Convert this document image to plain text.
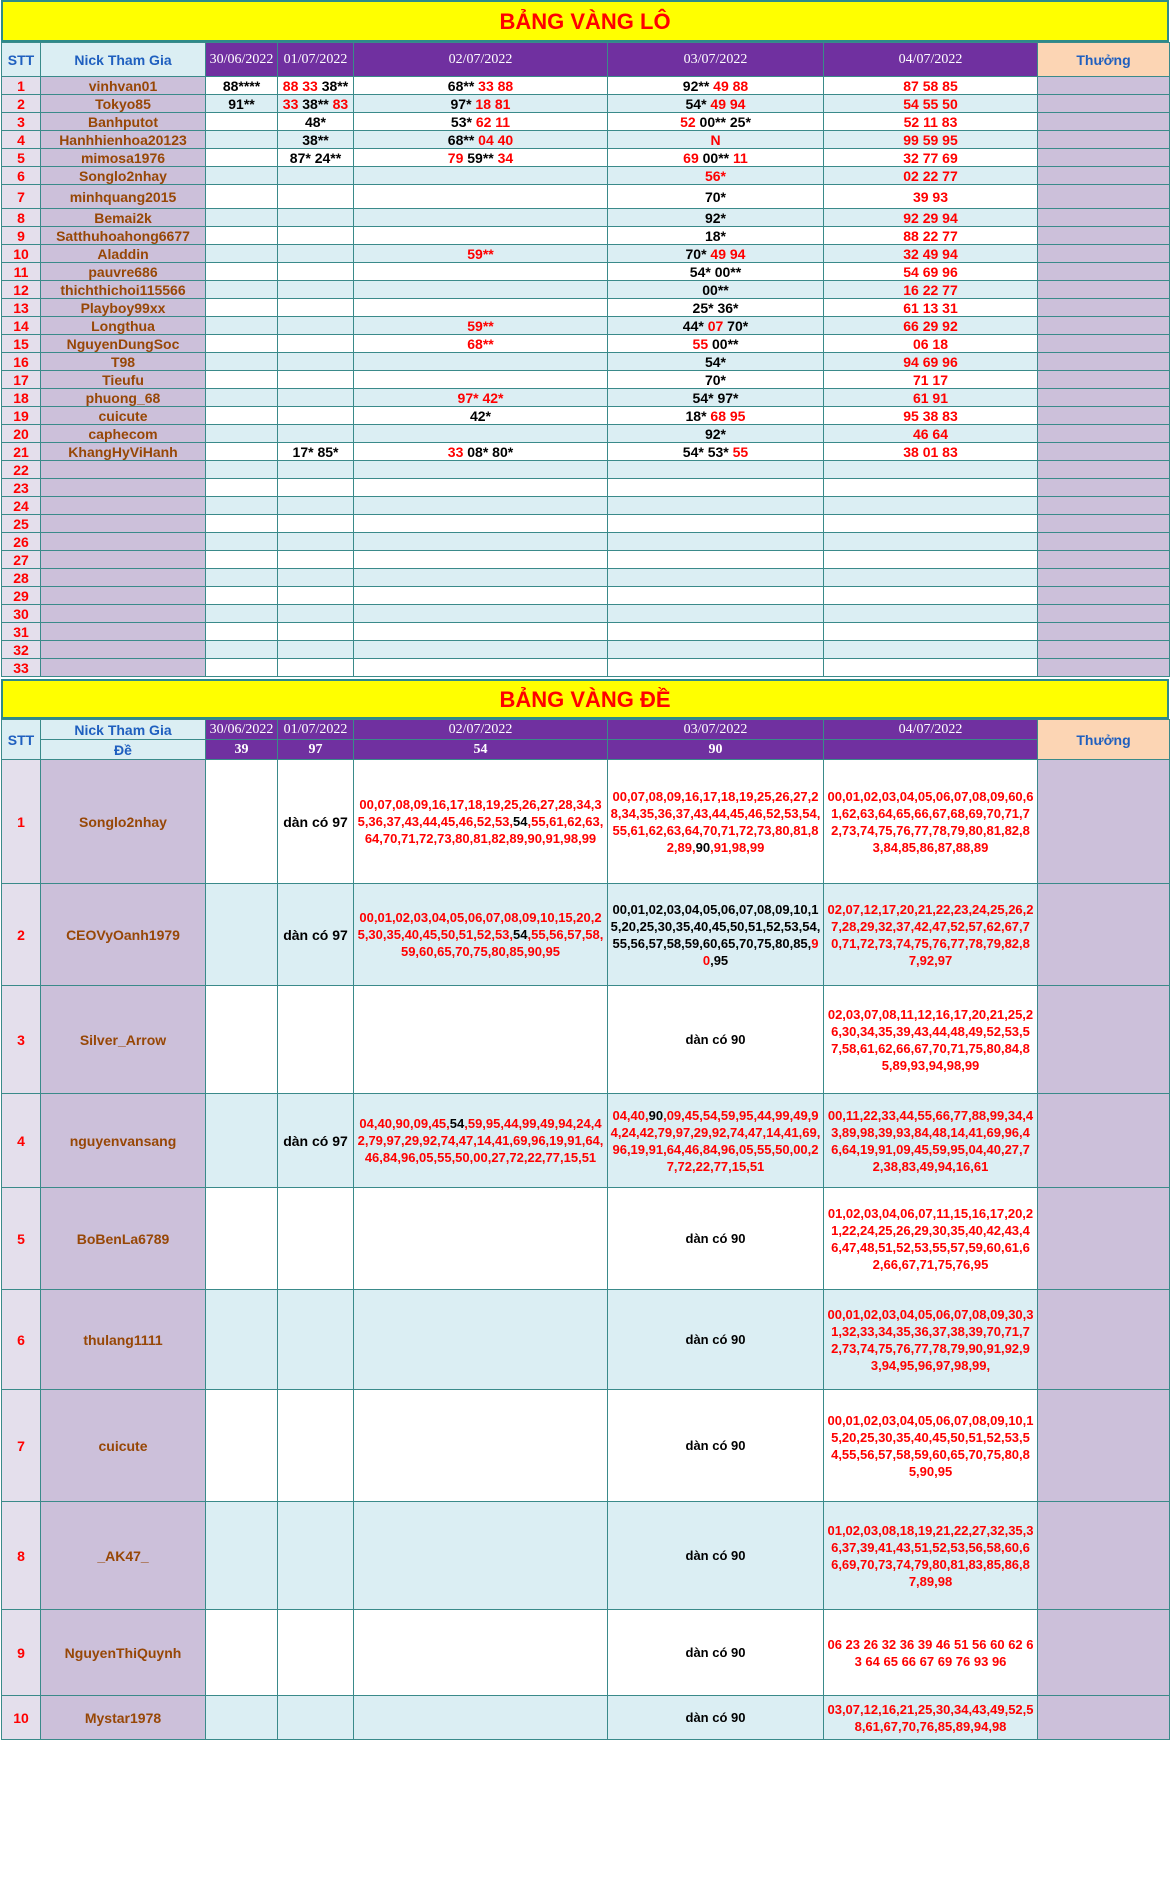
BẢNG VÀNG LÔ
STT	Nick Tham Gia	30/06/2022	01/07/2022	02/07/2022	03/07/2022	04/07/2022	Thưởng
1	vinhvan01	88****	88 33 38**	68** 33 88	92** 49 88	87 58 85	
2	Tokyo85	91**	33 38** 83	97* 18 81	54* 49 94	54 55 50	
3	Banhputot		48*	53* 62 11	52 00** 25*	52 11 83	
4	Hanhhienhoa20123		38**	68** 04 40	N	99 59 95	
5	mimosa1976		87* 24**	79 59** 34	69 00** 11	32 77 69	
6	Songlo2nhay				56*	02 22 77	
7	minhquang2015				70*	39 93	
8	Bemai2k				92*	92 29 94	
9	Satthuhoahong6677				18*	88 22 77	
10	Aladdin			59**	70* 49 94	32 49 94	
11	pauvre686				54* 00**	54 69 96	
12	thichthichoi115566				00**	16 22 77	
13	Playboy99xx				25* 36*	61 13 31	
14	Longthua			59**	44* 07 70*	66 29 92	
15	NguyenDungSoc			68**	55 00**	06 18	
16	T98				54*	94 69 96	
17	Tieufu				70*	71 17	
18	phuong_68			97* 42*	54* 97*	61 91	
19	cuicute			42*	18* 68 95	95 38 83	
20	caphecom				92*	46 64	
21	KhangHyViHanh		17* 85*	33 08* 80*	54* 53* 55	38 01 83	
22							
23							
24							
25							
26							
27							
28							
29							
30							
31							
32							
33							
BẢNG VÀNG ĐỀ
STT	Nick Tham Gia	30/06/2022	01/07/2022	02/07/2022	03/07/2022	04/07/2022	Thưởng
	Đề	39	97	54	90		
1	Songlo2nhay		dàn có 97	00,07,08,09,16,17,18,19,25,26,27,28,34,35,36,37,43,44,45,46,52,53,54,55,61,62,63,64,70,71,72,73,80,81,82,89,90,91,98,99	00,07,08,09,16,17,18,19,25,26,27,28,34,35,36,37,43,44,45,46,52,53,54,55,61,62,63,64,70,71,72,73,80,81,82,89,90,91,98,99	00,01,02,03,04,05,06,07,08,09,60,61,62,63,64,65,66,67,68,69,70,71,72,73,74,75,76,77,78,79,80,81,82,83,84,85,86,87,88,89	
2	CEOVyOanh1979		dàn có 97	00,01,02,03,04,05,06,07,08,09,10,15,20,25,30,35,40,45,50,51,52,53,54,55,56,57,58,59,60,65,70,75,80,85,90,95	00,01,02,03,04,05,06,07,08,09,10,15,20,25,30,35,40,45,50,51,52,53,54,55,56,57,58,59,60,65,70,75,80,85,90,95	02,07,12,17,20,21,22,23,24,25,26,27,28,29,32,37,42,47,52,57,62,67,70,71,72,73,74,75,76,77,78,79,82,87,92,97	
3	Silver_Arrow				dàn có 90	02,03,07,08,11,12,16,17,20,21,25,26,30,34,35,39,43,44,48,49,52,53,57,58,61,62,66,67,70,71,75,80,84,85,89,93,94,98,99	
4	nguyenvansang		dàn có 97	04,40,90,09,45,54,59,95,44,99,49,94,24,42,79,97,29,92,74,47,14,41,69,96,19,91,64,46,84,96,05,55,50,00,27,72,22,77,15,51	04,40,90,09,45,54,59,95,44,99,49,94,24,42,79,97,29,92,74,47,14,41,69,96,19,91,64,46,84,96,05,55,50,00,27,72,22,77,15,51	00,11,22,33,44,55,66,77,88,99,34,43,89,98,39,93,84,48,14,41,69,96,46,64,19,91,09,45,59,95,04,40,27,72,38,83,49,94,16,61	
5	BoBenLa6789				dàn có 90	01,02,03,04,06,07,11,15,16,17,20,21,22,24,25,26,29,30,35,40,42,43,46,47,48,51,52,53,55,57,59,60,61,62,66,67,71,75,76,95	
6	thulang1111				dàn có 90	00,01,02,03,04,05,06,07,08,09,30,31,32,33,34,35,36,37,38,39,70,71,72,73,74,75,76,77,78,79,90,91,92,93,94,95,96,97,98,99,	
7	cuicute				dàn có 90	00,01,02,03,04,05,06,07,08,09,10,15,20,25,30,35,40,45,50,51,52,53,54,55,56,57,58,59,60,65,70,75,80,85,90,95	
8	_AK47_				dàn có 90	01,02,03,08,18,19,21,22,27,32,35,36,37,39,41,43,51,52,53,56,58,60,66,69,70,73,74,79,80,81,83,85,86,87,89,98	
9	NguyenThiQuynh				dàn có 90	06 23 26 32 36 39 46 51 56 60 62 63 64 65 66 67 69 76 93 96	
10	Mystar1978				dàn có 90	03,07,12,16,21,25,30,34,43,49,52,58,61,67,70,76,85,89,94,98	
